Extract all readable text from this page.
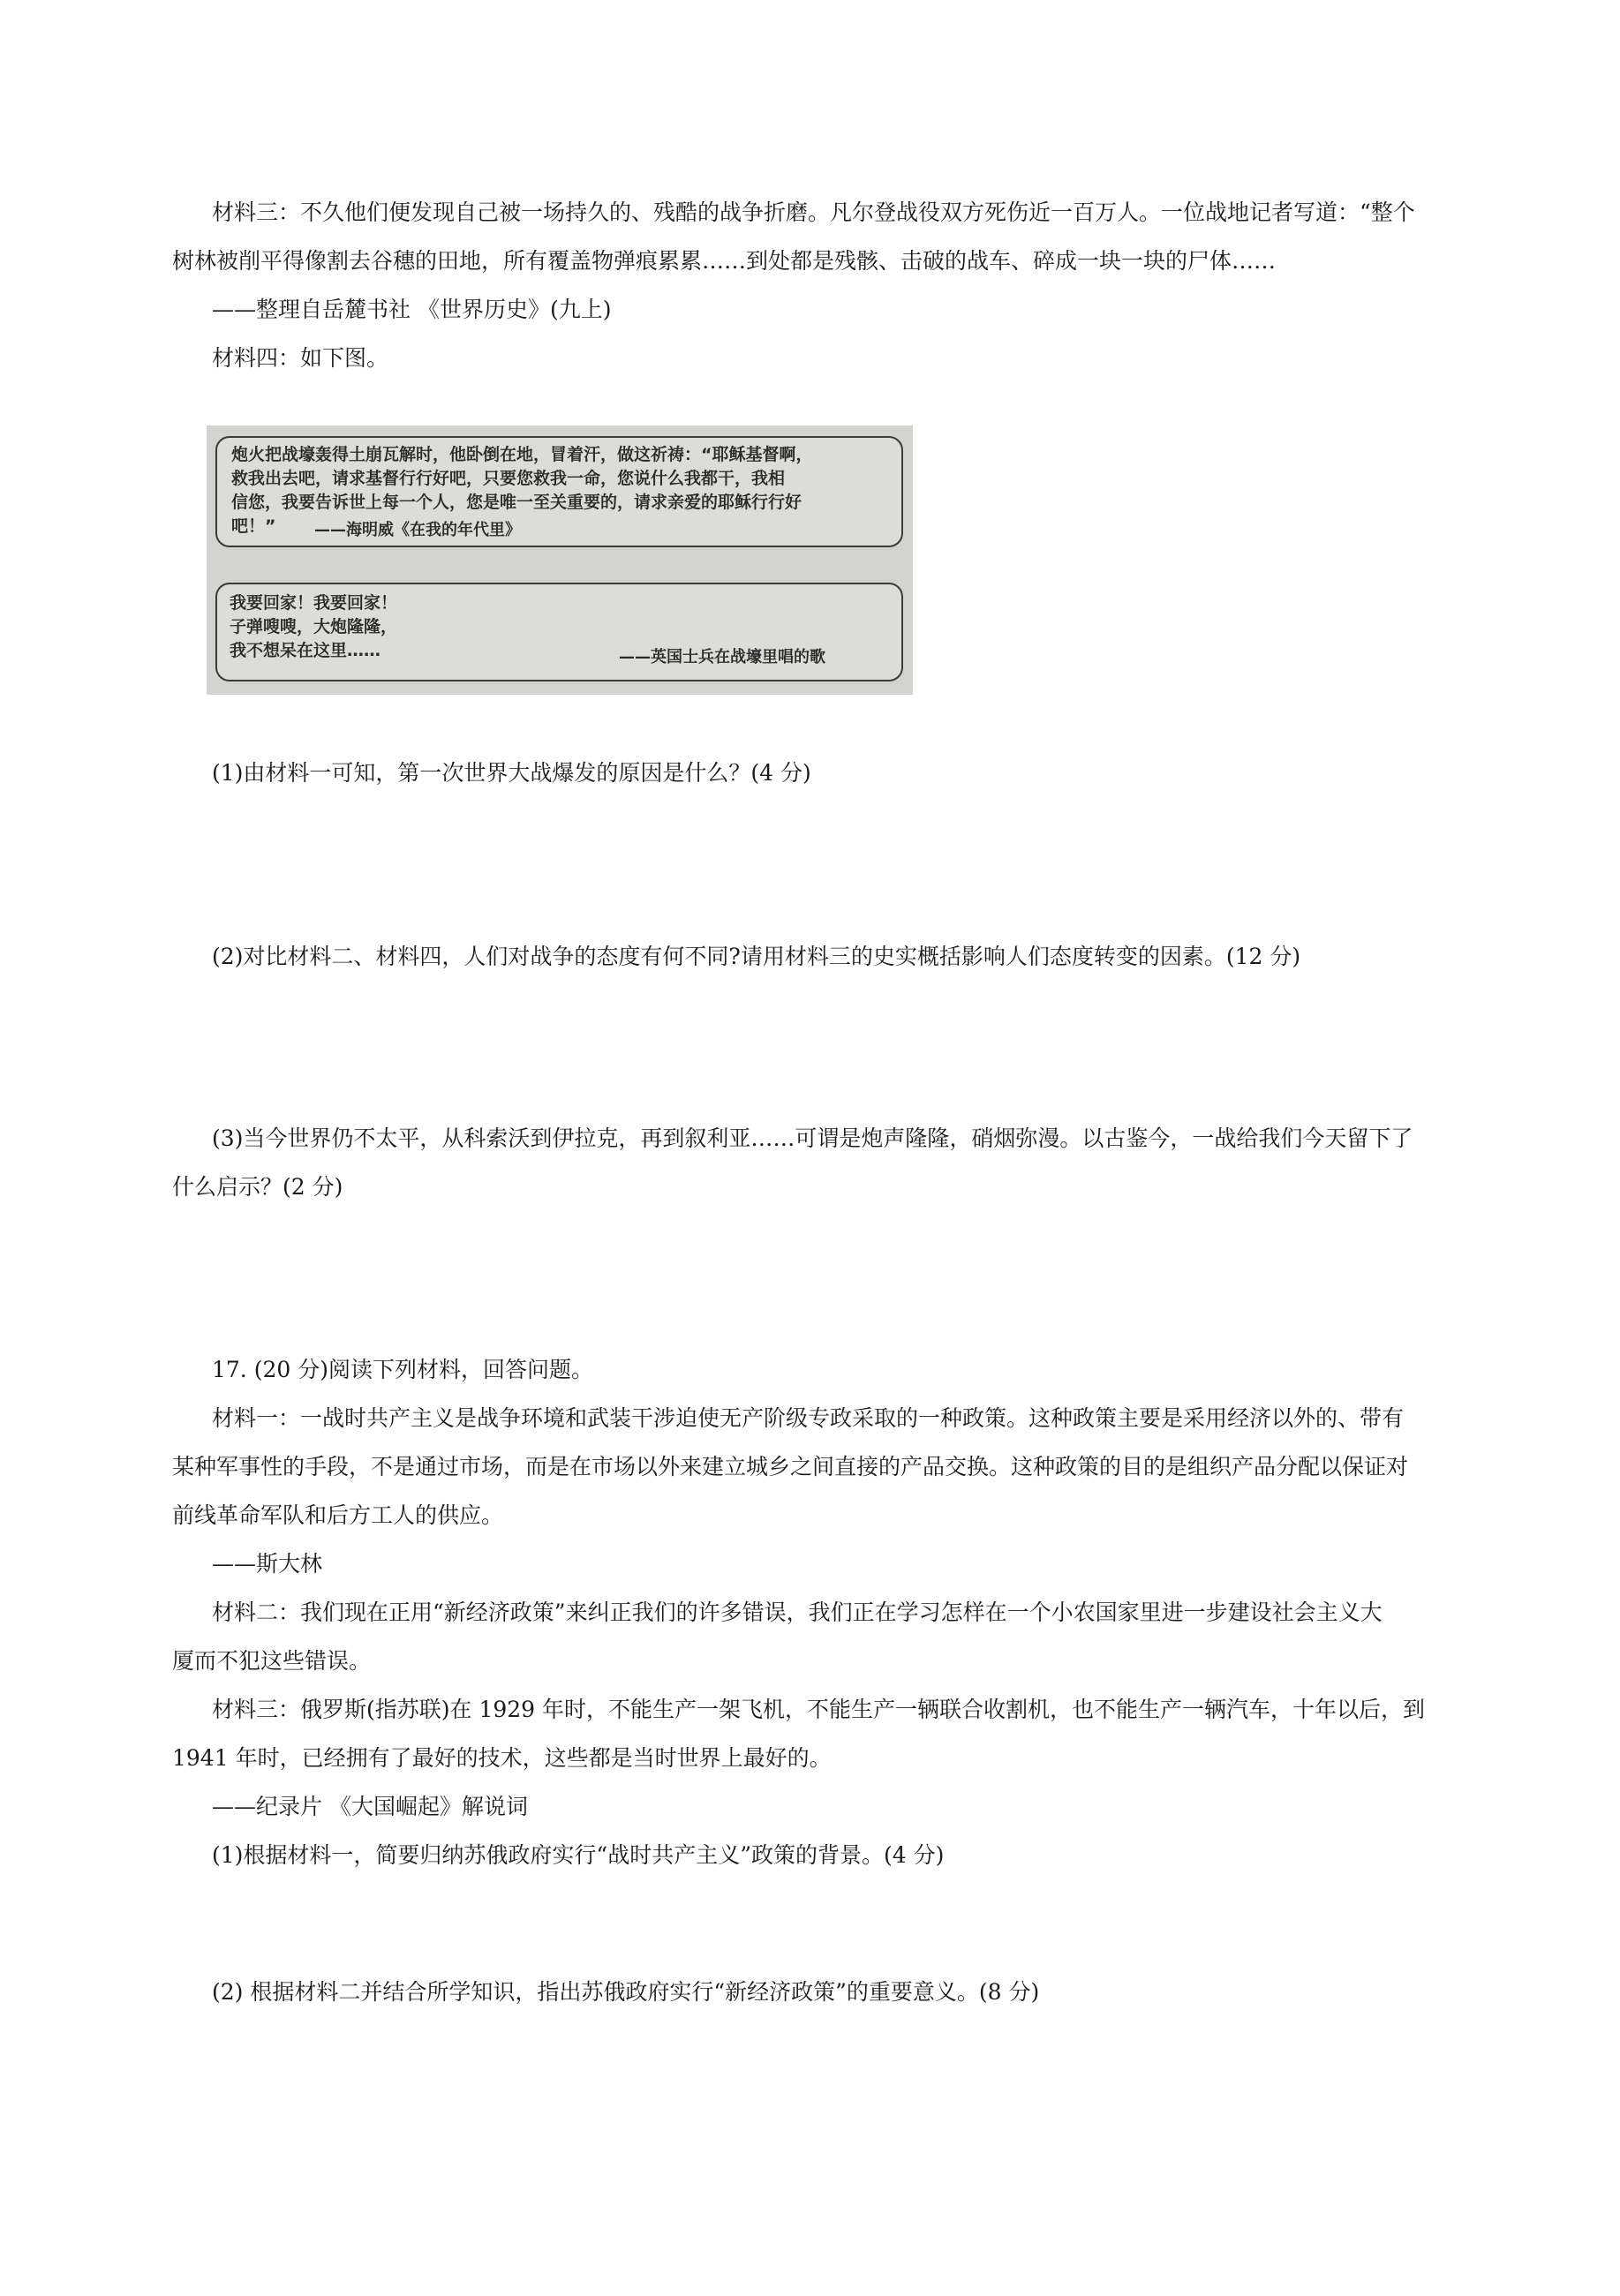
材料三：不久他们便发现自己被一场持久的、残酷的战争折磨。凡尔登战役双方死伤近一百万人。一位战地记者写道：“整个
树林被削平得像割去谷穗的田地，所有覆盖物弹痕累累……到处都是残骸、击破的战车、碎成一块一块的尸体……
——整理自岳麓书社 《世界历史》(九上)
材料四：如下图。
炮火把战壕轰得土崩瓦解时，他卧倒在地，冒着汗，做这祈祷：“耶稣基督啊，
救我出去吧，请求基督行行好吧，只要您救我一命，您说什么我都干，我相
信您，我要告诉世上每一个人，您是唯一至关重要的，请求亲爱的耶稣行行好
吧！” ——海明威《在我的年代里》
我要回家！我要回家！
子弹嗖嗖，大炮隆隆，
我不想呆在这里……	——英国士兵在战壕里唱的歌
(1)由材料一可知，第一次世界大战爆发的原因是什么？(4 分)
(2)对比材料二、材料四，人们对战争的态度有何不同?请用材料三的史实概括影响人们态度转变的因素。(12 分)
(3)当今世界仍不太平，从科索沃到伊拉克，再到叙利亚……可谓是炮声隆隆，硝烟弥漫。以古鉴今，一战给我们今天留下了
什么启示？(2 分)
17. (20 分)阅读下列材料，回答问题。
材料一：一战时共产主义是战争环境和武装干涉迫使无产阶级专政采取的一种政策。这种政策主要是采用经济以外的、带有
某种军事性的手段，不是通过市场，而是在市场以外来建立城乡之间直接的产品交换。这种政策的目的是组织产品分配以保证对
前线革命军队和后方工人的供应。
——斯大林
材料二：我们现在正用“新经济政策”来纠正我们的许多错误，我们正在学习怎样在一个小农国家里进一步建设社会主义大
厦而不犯这些错误。
材料三：俄罗斯(指苏联)在 1929 年时，不能生产一架飞机，不能生产一辆联合收割机，也不能生产一辆汽车，十年以后，到
1941 年时，已经拥有了最好的技术，这些都是当时世界上最好的。
——纪录片 《大国崛起》解说词
(1)根据材料一，简要归纳苏俄政府实行“战时共产主义”政策的背景。(4 分)
(2) 根据材料二并结合所学知识，指出苏俄政府实行“新经济政策”的重要意义。(8 分)
